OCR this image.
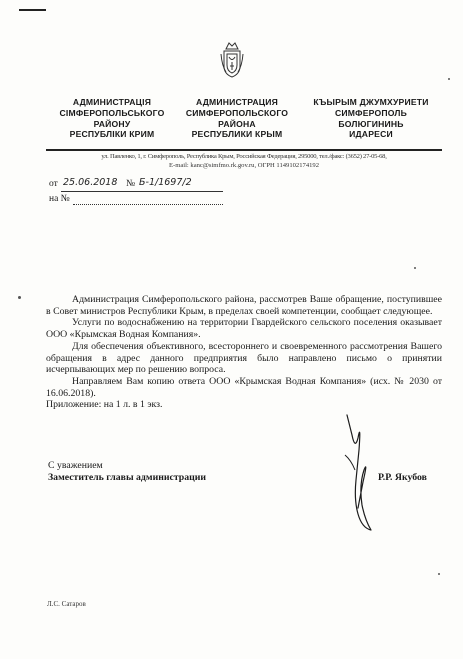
АДМИНИСТРАЦIЯ
СІМФЕРОПОЛЬСЬКОГО
РАЙОНУ
РЕСПУБЛІКИ КРИМ
АДМИНИСТРАЦИЯ
СИМФЕРОПОЛЬСКОГО
РАЙОНА
РЕСПУБЛИКИ КРЫМ
КЪЫРЫМ ДЖУМХУРИЕТИ
СИМФЕРОПОЛЬ
БОЛЮГИНИНЬ
ИДАРЕСИ
ул. Павленко, 1, г. Симферополь, Республика Крым, Российская Федерация, 295000, тел./факс: (3652) 27-05-68,
E-mail: kanc@simfmo.rk.gov.ru, ОГРН 1149102174192
от 25.06.2018 № Б-1/1697/2
на №

Администрация Симферопольского района, рассмотрев Ваше обращение, поступившее в Совет министров Республики Крым, в пределах своей компетенции, сообщает следующее.

Услуги по водоснабжению на территории Гвардейского сельского поселения оказывает ООО «Крымская Водная Компания».

Для обеспечения объективного, всестороннего и своевременного рассмотрения Вашего обращения в адрес данного предприятия было направлено письмо о принятии исчерпывающих мер по решению вопроса.

Направляем Вам копию ответа ООО «Крымская Водная Компания» (исх. № 2030 от 16.06.2018).

Приложение: на 1 л. в 1 экз.

С уважением
Заместитель главы администрации	Р.Р. Якубов
Л.С. Сатаров
